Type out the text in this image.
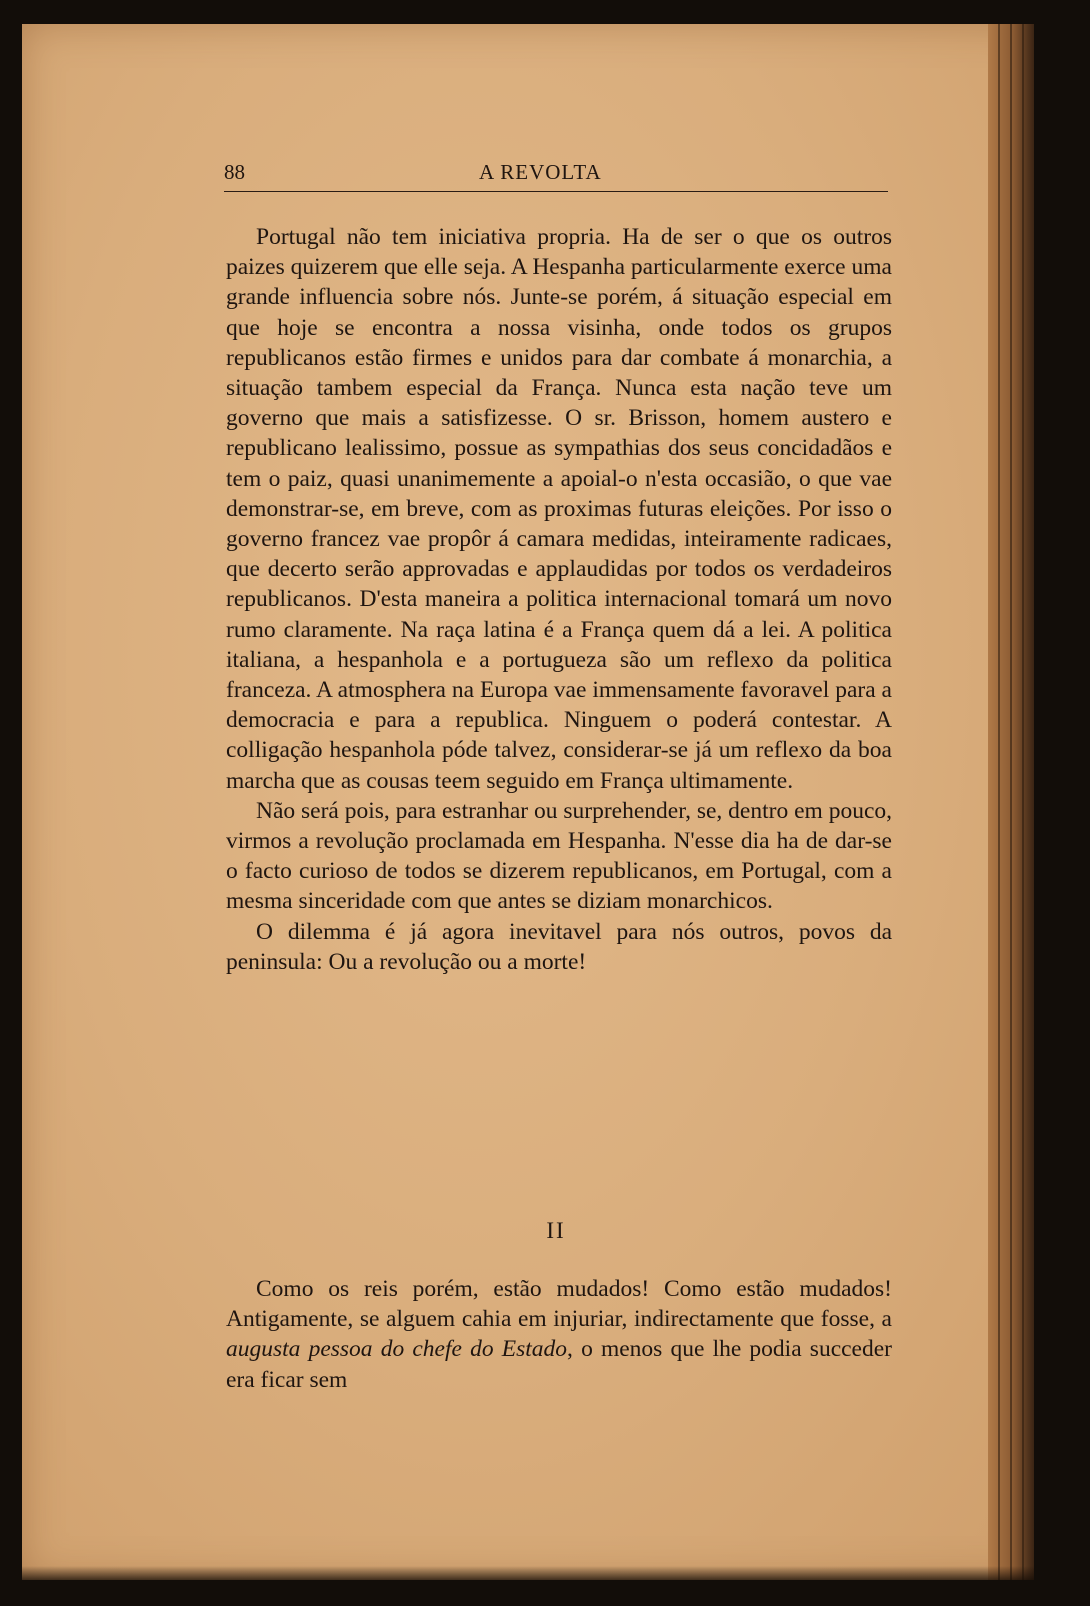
88	A REVOLTA

Portugal não tem iniciativa propria. Ha de ser o que os outros paizes quizerem que elle seja. A Hespanha particularmente exerce uma grande influencia sobre nós. Junte-se porém, á situação especial em que hoje se encontra a nossa visinha, onde todos os grupos republicanos estão firmes e unidos para dar combate á monarchia, a situação tambem especial da França. Nunca esta nação teve um governo que mais a satisfizesse. O sr. Brisson, homem austero e republicano lealissimo, possue as sympathias dos seus concidadãos e tem o paiz, quasi unanimemente a apoial-o n'esta occasião, o que vae demonstrar-se, em breve, com as proximas futuras eleições. Por isso o governo francez vae propôr á camara medidas, inteiramente radicaes, que decerto serão approvadas e applaudidas por todos os verdadeiros republicanos. D'esta maneira a politica internacional tomará um novo rumo claramente. Na raça latina é a França quem dá a lei. A politica italiana, a hespanhola e a portugueza são um reflexo da politica franceza. A atmosphera na Europa vae immensamente favoravel para a democracia e para a republica. Ninguem o poderá contestar. A colligação hespanhola póde talvez, considerar-se já um reflexo da boa marcha que as cousas teem seguido em França ultimamente.

Não será pois, para estranhar ou surprehender, se, dentro em pouco, virmos a revolução proclamada em Hespanha. N'esse dia ha de dar-se o facto curioso de todos se dizerem republicanos, em Portugal, com a mesma sinceridade com que antes se diziam monarchicos.

O dilemma é já agora inevitavel para nós outros, povos da peninsula: Ou a revolução ou a morte!

II

Como os reis porém, estão mudados! Como estão mudados! Antigamente, se alguem cahia em injuriar, indirectamente que fosse, a augusta pessoa do chefe do Estado, o menos que lhe podia succeder era ficar sem
